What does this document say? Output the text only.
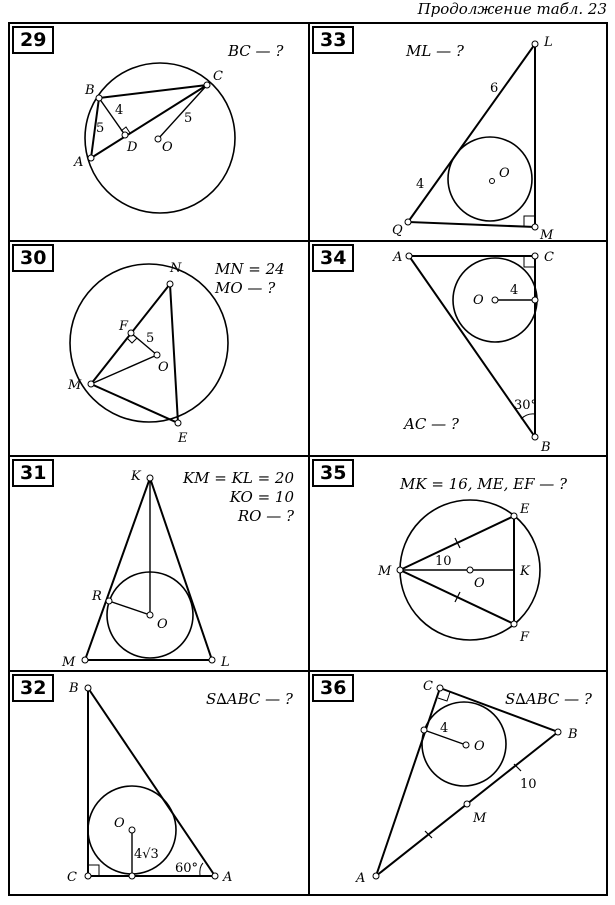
Продолжение табл. 23
29	BC — ?
B
C
A
D O
5
4
5
33	ML — ?	L
Q	M
O
6
4
30	MN = 24
MO — ?
N
F
M
O
E
5
34
AC — ?
A	C
O
B
4
30°
31	KM = KL = 20
KO = 10
RO — ?
K
R
O
M	L
35	MK = 16, ME, EF — ?
E
M
O
K
F
10
32	S∆ABC — ?
B
O
C	A
4√3
60°
36	S∆ABC — ?
C
B
O
M
A
4
10
